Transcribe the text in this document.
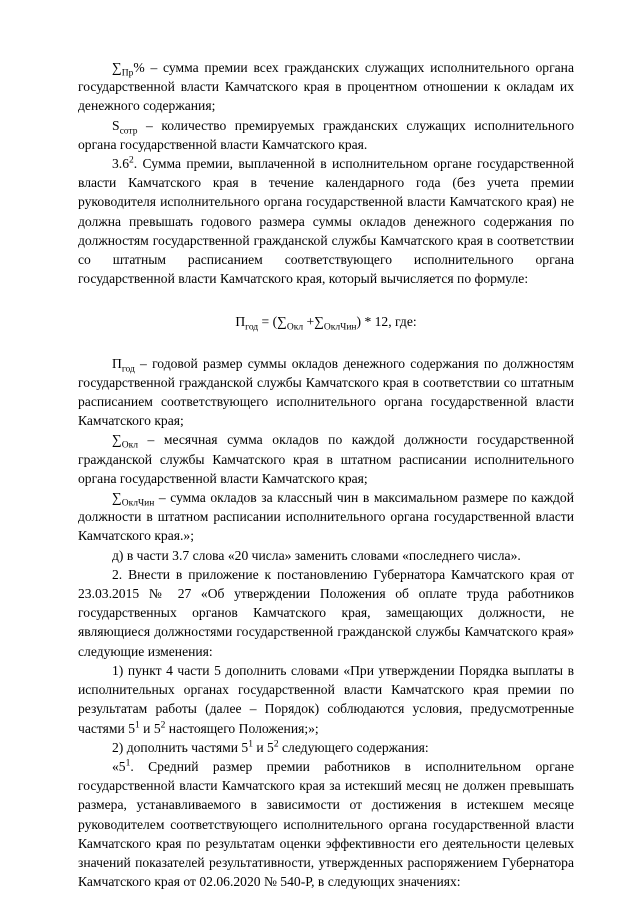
$\sum_{Пр}\%$ – сумма премии всех гражданских служащих исполнительного органа государственной власти Камчатского края в процентном отношении к окладам их денежного содержания;

$S_{сотр}$ – количество премируемых гражданских служащих исполнительного органа государственной власти Камчатского края.

$3.6^2$. Сумма премии, выплаченной в исполнительном органе государственной власти Камчатского края в течение календарного года (без учета премии руководителя исполнительного органа государственной власти Камчатского края) не должна превышать годового размера суммы окладов денежного содержания по должностям государственной гражданской службы Камчатского края в соответствии со штатным расписанием соответствующего исполнительного органа государственной власти Камчатского края, который вычисляется по формуле:

$П_{год} = (\sum_{Окл} +\sum_{ОклЧин}) * 12$, где:

$П_{год}$ – годовой размер суммы окладов денежного содержания по должностям государственной гражданской службы Камчатского края в соответствии со штатным расписанием соответствующего исполнительного органа государственной власти Камчатского края;

$\sum_{Окл}$ – месячная сумма окладов по каждой должности государственной гражданской службы Камчатского края в штатном расписании исполнительного органа государственной власти Камчатского края;

$\sum_{ОклЧин}$ – сумма окладов за классный чин в максимальном размере по каждой должности в штатном расписании исполнительного органа государственной власти Камчатского края.»;

д) в части 3.7 слова «20 числа» заменить словами «последнего числа».

2. Внести в приложение к постановлению Губернатора Камчатского края от 23.03.2015 № 27 «Об утверждении Положения об оплате труда работников государственных органов Камчатского края, замещающих должности, не являющиеся должностями государственной гражданской службы Камчатского края» следующие изменения:

1) пункт 4 части 5 дополнить словами «При утверждении Порядка выплаты в исполнительных органах государственной власти Камчатского края премии по результатам работы (далее – Порядок) соблюдаются условия, предусмотренные частями $5^1$ и $5^2$ настоящего Положения;»;

2) дополнить частями $5^1$ и $5^2$ следующего содержания:

«$5^1$. Средний размер премии работников в исполнительном органе государственной власти Камчатского края за истекший месяц не должен превышать размера, устанавливаемого в зависимости от достижения в истекшем месяце руководителем соответствующего исполнительного органа государственной власти Камчатского края по результатам оценки эффективности его деятельности целевых значений показателей результативности, утвержденных распоряжением Губернатора Камчатского края от 02.06.2020 № 540-Р, в следующих значениях:
